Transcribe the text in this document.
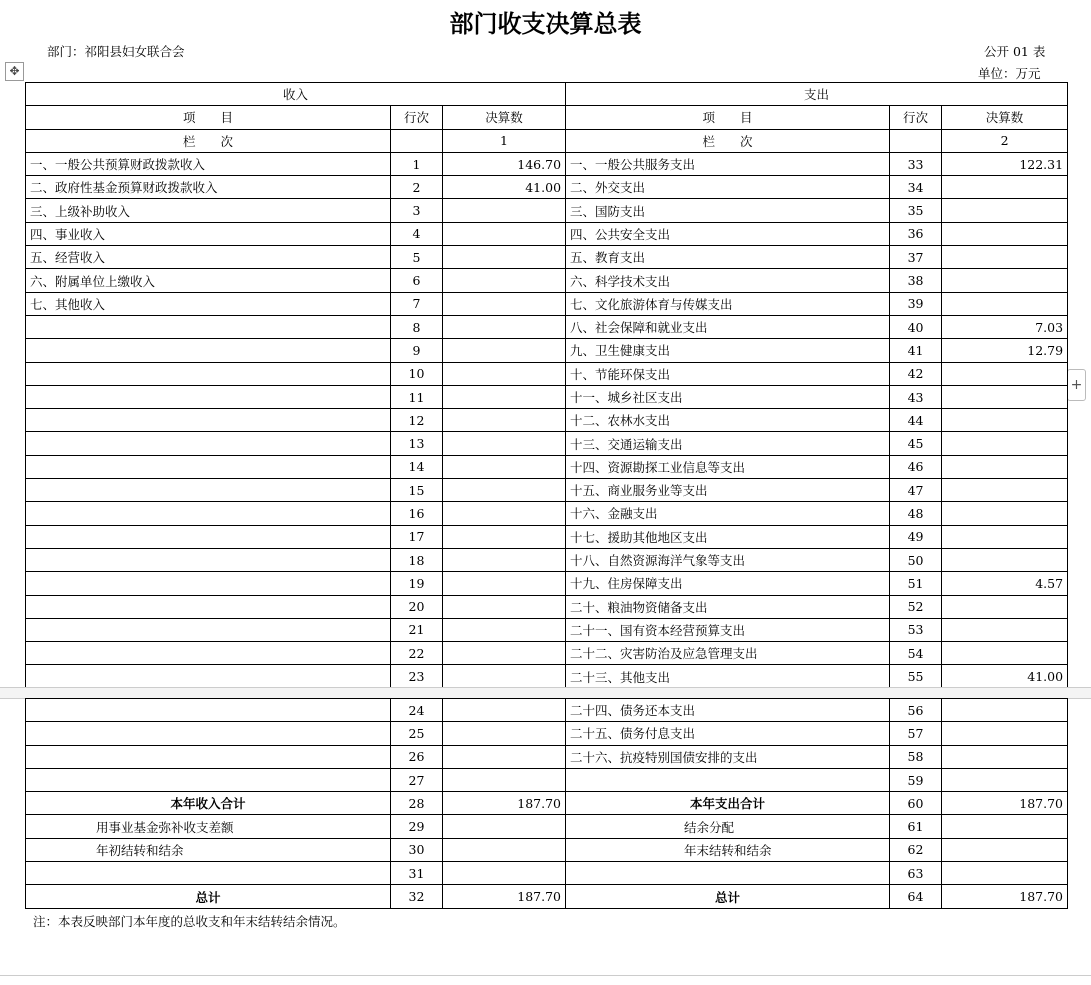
部门收支决算总表
部门：祁阳县妇女联合会	公开 01 表
单位：万元
✥
+
收入			支出		
项　　目	行次	决算数	项　　目	行次	决算数
栏　　次		1	栏　　次		2
一、一般公共预算财政拨款收入	1	146.70	一、一般公共服务支出	33	122.31
二、政府性基金预算财政拨款收入	2	41.00	二、外交支出	34	
三、上级补助收入	3		三、国防支出	35	
四、事业收入	4		四、公共安全支出	36	
五、经营收入	5		五、教育支出	37	
六、附属单位上缴收入	6		六、科学技术支出	38	
七、其他收入	7		七、文化旅游体育与传媒支出	39	
	8		八、社会保障和就业支出	40	7.03
	9		九、卫生健康支出	41	12.79
	10		十、节能环保支出	42	
	11		十一、城乡社区支出	43	
	12		十二、农林水支出	44	
	13		十三、交通运输支出	45	
	14		十四、资源勘探工业信息等支出	46	
	15		十五、商业服务业等支出	47	
	16		十六、金融支出	48	
	17		十七、援助其他地区支出	49	
	18		十八、自然资源海洋气象等支出	50	
	19		十九、住房保障支出	51	4.57
	20		二十、粮油物资储备支出	52	
	21		二十一、国有资本经营预算支出	53	
	22		二十二、灾害防治及应急管理支出	54	
	23		二十三、其他支出	55	41.00
	24		二十四、债务还本支出	56	
	25		二十五、债务付息支出	57	
	26		二十六、抗疫特别国债安排的支出	58	
	27			59	
本年收入合计	28	187.70	本年支出合计	60	187.70
用事业基金弥补收支差额	29		结余分配	61	
年初结转和结余	30		年末结转和结余	62	
	31			63	
总计	32	187.70	总计	64	187.70
注：本表反映部门本年度的总收支和年末结转结余情况。
